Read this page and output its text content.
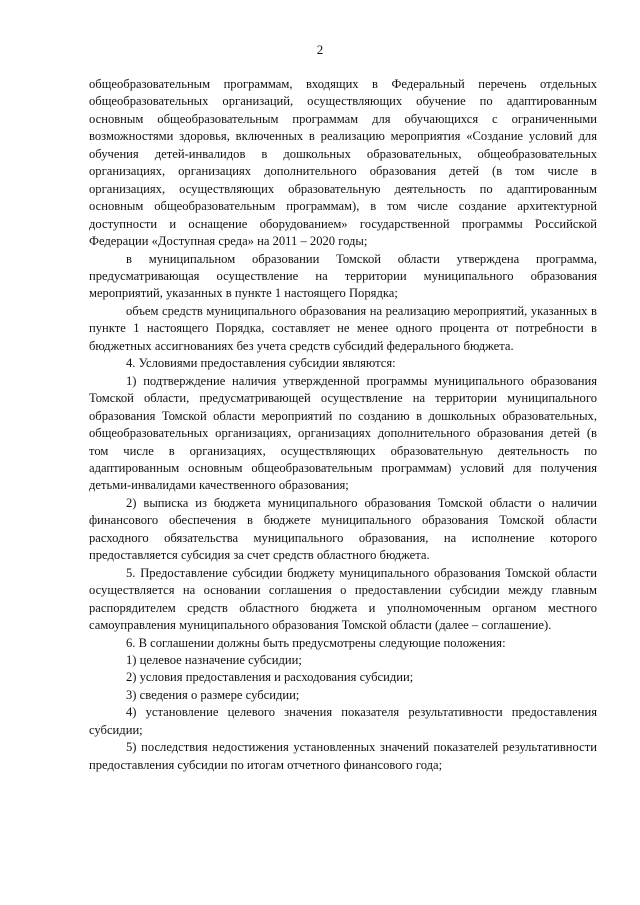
2

общеобразовательным программам, входящих в Федеральный перечень отдельных общеобразовательных организаций, осуществляющих обучение по адаптированным основным общеобразовательным программам для обучающихся с ограниченными возможностями здоровья, включенных в реализацию мероприятия «Создание условий для обучения детей-инвалидов в дошкольных образовательных, общеобразовательных организациях, организациях дополнительного образования детей (в том числе в организациях, осуществляющих образовательную деятельность по адаптированным основным общеобразовательным программам), в том числе создание архитектурной доступности и оснащение оборудованием» государственной программы Российской Федерации «Доступная среда» на 2011 – 2020 годы;

в муниципальном образовании Томской области утверждена программа, предусматривающая осуществление на территории муниципального образования мероприятий, указанных в пункте 1 настоящего Порядка;

объем средств муниципального образования на реализацию мероприятий, указанных в пункте 1 настоящего Порядка, составляет не менее одного процента от потребности в бюджетных ассигнованиях без учета средств субсидий федерального бюджета.

4. Условиями предоставления субсидии являются:

1) подтверждение наличия утвержденной программы муниципального образования Томской области, предусматривающей осуществление на территории муниципального образования Томской области мероприятий по созданию в дошкольных образовательных, общеобразовательных организациях, организациях дополнительного образования детей (в том числе в организациях, осуществляющих образовательную деятельность по адаптированным основным общеобразовательным программам) условий для получения детьми-инвалидами качественного образования;

2) выписка из бюджета муниципального образования Томской области о наличии финансового обеспечения в бюджете муниципального образования Томской области расходного обязательства муниципального образования, на исполнение которого предоставляется субсидия за счет средств областного бюджета.

5. Предоставление субсидии бюджету муниципального образования Томской области осуществляется на основании соглашения о предоставлении субсидии между главным распорядителем средств областного бюджета и уполномоченным органом местного самоуправления муниципального образования Томской области (далее – соглашение).

6. В соглашении должны быть предусмотрены следующие положения:

1) целевое назначение субсидии;

2) условия предоставления и расходования субсидии;

3) сведения о размере субсидии;

4) установление целевого значения показателя результативности предоставления субсидии;

5) последствия недостижения установленных значений показателей результативности предоставления субсидии по итогам отчетного финансового года;
